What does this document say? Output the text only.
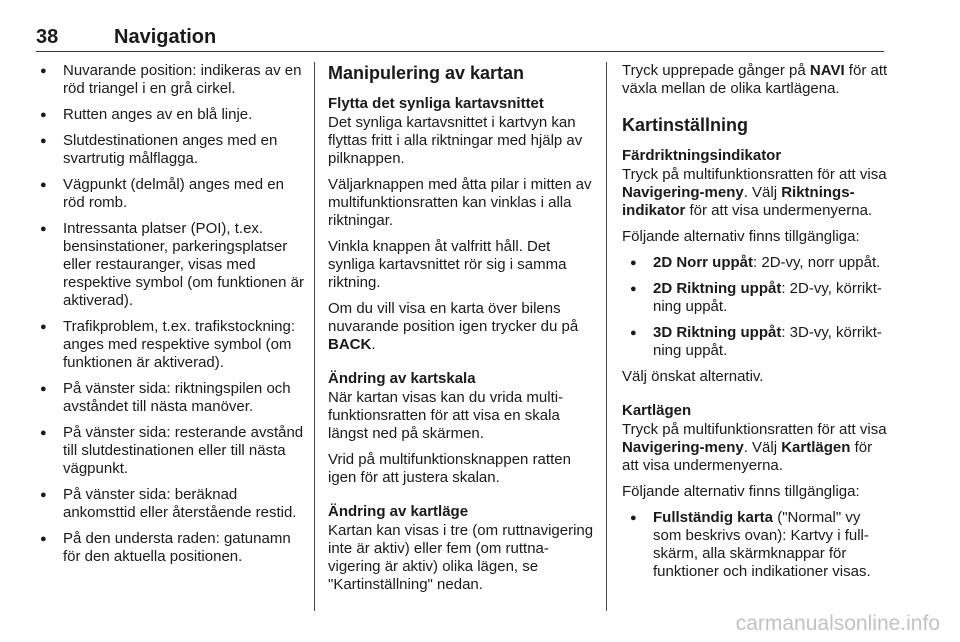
38	Navigation
● Nuvarande position: indikeras av en röd triangel i en grå cirkel.
● Rutten anges av en blå linje.
● Slutdestinationen anges med en svartrutig målflagga.
● Vägpunkt (delmål) anges med en röd romb.
● Intressanta platser (POI), t.ex. bensinstationer, parkeringsplatser eller restauranger, visas med respektive symbol (om funktionen är aktiverad).
● Trafikproblem, t.ex. trafikstockning: anges med respektive symbol (om funktionen är aktiverad).
● På vänster sida: riktningspilen och avståndet till nästa manöver.
● På vänster sida: resterande avstånd till slutdestinationen eller till nästa vägpunkt.
● På vänster sida: beräknad ankomsttid eller återstående restid.
● På den understa raden: gatunamn för den aktuella positionen.
Manipulering av kartan
Flytta det synliga kartavsnittet

Det synliga kartavsnittet i kartvyn kan flyttas fritt i alla riktningar med hjälp av pilknappen.

Väljarknappen med åtta pilar i mitten av multifunktionsratten kan vinklas i alla riktningar.

Vinkla knappen åt valfritt håll. Det synliga kartavsnittet rör sig i samma riktning.

Om du vill visa en karta över bilens nuvarande position igen trycker du på BACK.

Ändring av kartskala

När kartan visas kan du vrida multifunktionsratten för att visa en skala längst ned på skärmen.

Vrid på multifunktionsknappen ratten igen för att justera skalan.

Ändring av kartläge

Kartan kan visas i tre (om ruttnavigering inte är aktiv) eller fem (om ruttnavigering är aktiv) olika lägen, se "Kartinställning" nedan.

Tryck upprepade gånger på NAVI för att växla mellan de olika kartlägena.

Kartinställning
Färdriktningsindikator

Tryck på multifunktionsratten för att visa Navigering-meny. Välj Riktningsindikator för att visa undermenyerna.

Följande alternativ finns tillgängliga:

● 2D Norr uppåt: 2D-vy, norr uppåt.
● 2D Riktning uppåt: 2D-vy, körriktning uppåt.
● 3D Riktning uppåt: 3D-vy, körriktning uppåt.

Välj önskat alternativ.

Kartlägen

Tryck på multifunktionsratten för att visa Navigering-meny. Välj Kartlägen för att visa undermenyerna.

Följande alternativ finns tillgängliga:

● Fullständig karta ("Normal" vy som beskrivs ovan): Kartvy i fullskärm, alla skärmknappar för funktioner och indikationer visas.
carmanualsonline.info
